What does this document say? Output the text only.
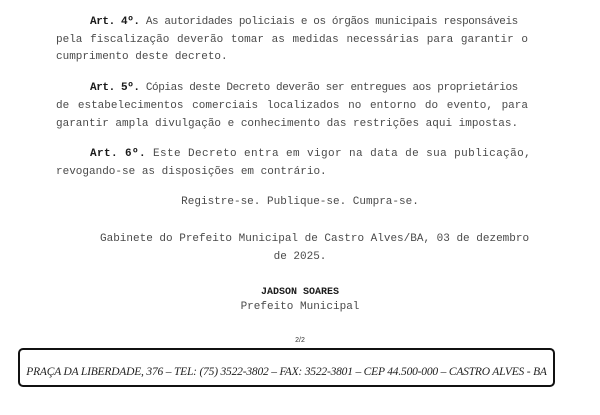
Art. 4º. As autoridades policiais e os órgãos municipais responsáveis
pela fiscalização deverão tomar as medidas necessárias para garantir o
cumprimento deste decreto.
Art. 5º. Cópias deste Decreto deverão ser entregues aos proprietários
de estabelecimentos comerciais localizados no entorno do evento, para
garantir ampla divulgação e conhecimento das restrições aqui impostas.
Art. 6º. Este Decreto entra em vigor na data de sua publicação,
revogando-se as disposições em contrário.
Registre-se. Publique-se. Cumpra-se.
Gabinete do Prefeito Municipal de Castro Alves/BA, 03 de dezembro
de 2025.
JADSON SOARES
Prefeito Municipal
2/2
PRAÇA DA LIBERDADE, 376 – TEL: (75) 3522-3802 – FAX: 3522-3801 – CEP 44.500-000 – CASTRO ALVES - BA
